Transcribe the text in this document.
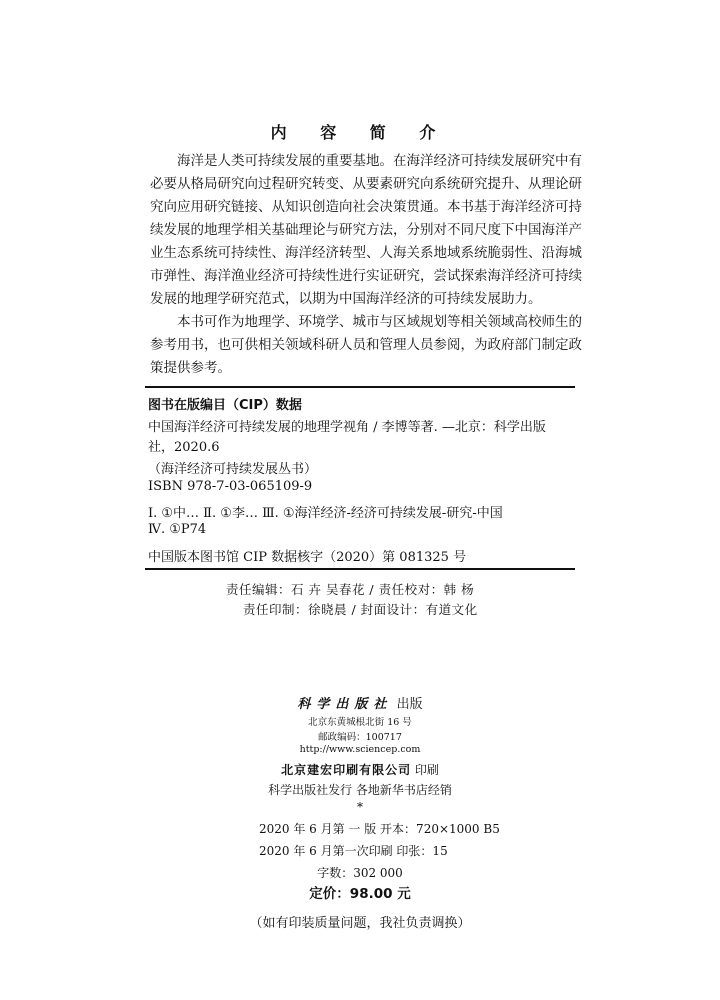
内 容 简 介
海洋是人类可持续发展的重要基地。在海洋经济可持续发展研究中有
必要从格局研究向过程研究转变、从要素研究向系统研究提升、从理论研
究向应用研究链接、从知识创造向社会决策贯通。本书基于海洋经济可持
续发展的地理学相关基础理论与研究方法，分别对不同尺度下中国海洋产
业生态系统可持续性、海洋经济转型、人海关系地域系统脆弱性、沿海城
市弹性、海洋渔业经济可持续性进行实证研究，尝试探索海洋经济可持续
发展的地理学研究范式，以期为中国海洋经济的可持续发展助力。
本书可作为地理学、环境学、城市与区域规划等相关领域高校师生的
参考用书，也可供相关领域科研人员和管理人员参阅，为政府部门制定政
策提供参考。
图书在版编目（CIP）数据
中国海洋经济可持续发展的地理学视角 / 李博等著. —北京：科学出版
社，2020.6
（海洋经济可持续发展丛书）
ISBN 978-7-03-065109-9
Ⅰ. ①中… Ⅱ. ①李… Ⅲ. ①海洋经济-经济可持续发展-研究-中国
Ⅳ. ①P74
中国版本图书馆 CIP 数据核字（2020）第 081325 号
责任编辑：石 卉 吴春花 / 责任校对：韩 杨
责任印制：徐晓晨 / 封面设计：有道文化
科学出版社 出版
北京东黄城根北街 16 号
邮政编码：100717
http://www.sciencep.com
北京建宏印刷有限公司 印刷
科学出版社发行 各地新华书店经销
*
2020 年 6 月第 一 版 开本：720×1000 B5
2020 年 6 月第一次印刷 印张：15
字数：302 000
定价：98.00 元
（如有印装质量问题，我社负责调换）
